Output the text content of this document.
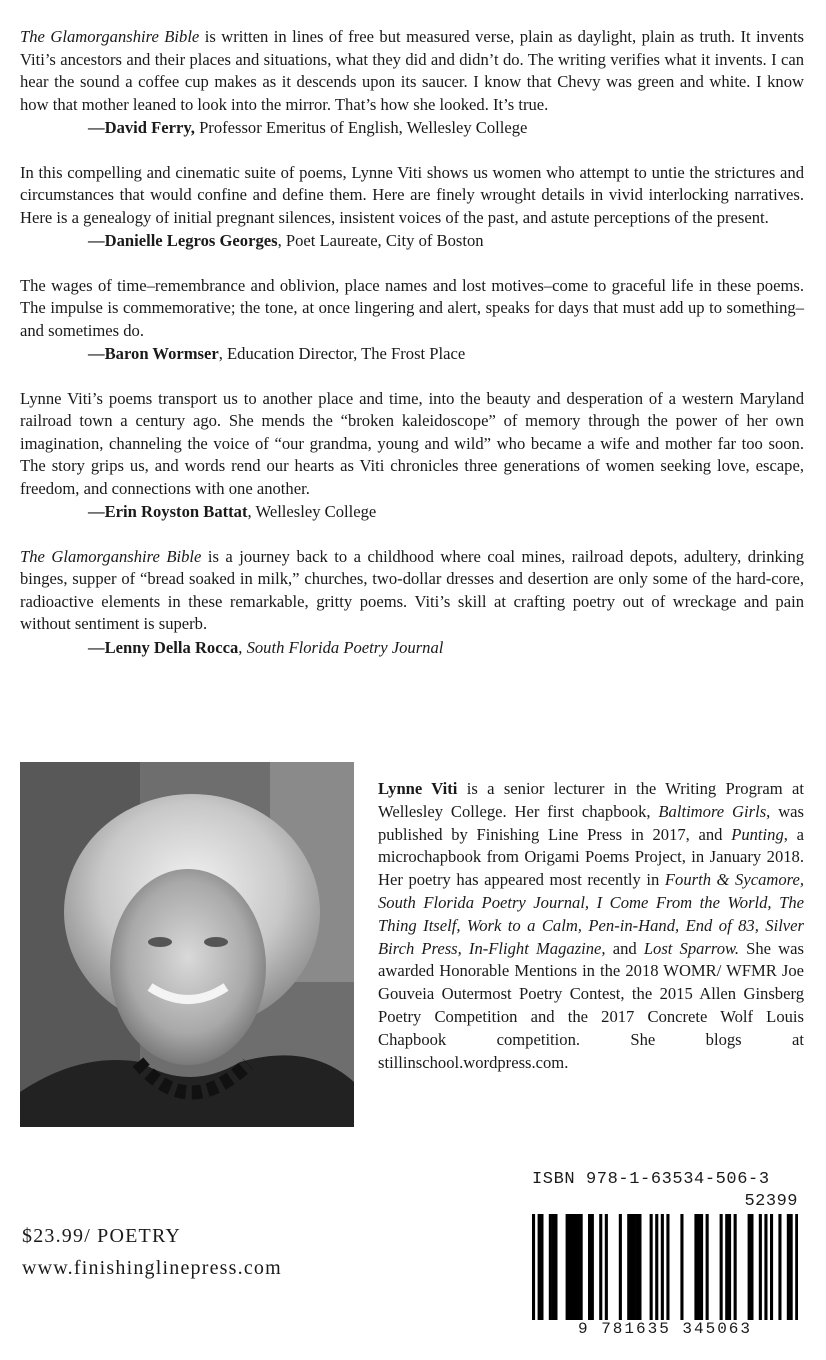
The Glamorganshire Bible is written in lines of free but measured verse, plain as daylight, plain as truth. It invents Viti’s ancestors and their places and situations, what they did and didn’t do. The writing verifies what it invents. I can hear the sound a coffee cup makes as it descends upon its saucer. I know that Chevy was green and white. I know how that mother leaned to look into the mirror. That’s how she looked. It’s true.

—David Ferry, Professor Emeritus of English, Wellesley College

In this compelling and cinematic suite of poems, Lynne Viti shows us women who attempt to untie the strictures and circumstances that would confine and define them. Here are finely wrought details in vivid interlocking narratives. Here is a genealogy of initial pregnant silences, insistent voices of the past, and astute perceptions of the present.

—Danielle Legros Georges, Poet Laureate, City of Boston

The wages of time–remembrance and oblivion, place names and lost motives–come to graceful life in these poems. The impulse is commemorative; the tone, at once lingering and alert, speaks for days that must add up to something–and sometimes do.

—Baron Wormser, Education Director, The Frost Place

Lynne Viti’s poems transport us to another place and time, into the beauty and desperation of a western Maryland railroad town a century ago. She mends the “broken kaleidoscope” of memory through the power of her own imagination, channeling the voice of “our grandma, young and wild” who became a wife and mother far too soon. The story grips us, and words rend our hearts as Viti chronicles three generations of women seeking love, escape, freedom, and connections with one another.

—Erin Royston Battat, Wellesley College

The Glamorganshire Bible is a journey back to a childhood where coal mines, railroad depots, adultery, drinking binges, supper of “bread soaked in milk,” churches, two-dollar dresses and desertion are only some of the hard-core, radioactive elements in these remarkable, gritty poems. Viti’s skill at crafting poetry out of wreckage and pain without sentiment is superb.

—Lenny Della Rocca, South Florida Poetry Journal

Lynne Viti is a senior lecturer in the Writing Program at Wellesley College. Her first chapbook, Baltimore Girls, was published by Finishing Line Press in 2017, and Punting, a microchapbook from Origami Poems Project, in January 2018. Her poetry has appeared most recently in Fourth & Sycamore, South Florida Poetry Journal, I Come From the World, The Thing Itself, Work to a Calm, Pen-in-Hand, End of 83, Silver Birch Press, In-Flight Magazine, and Lost Sparrow. She was awarded Honorable Mentions in the 2018 WOMR/ WFMR Joe Gouveia Outermost Poetry Contest, the 2015 Allen Ginsberg Poetry Competition and the 2017 Concrete Wolf Louis Chapbook competition. She blogs at stillinschool.wordpress.com.

$23.99/ POETRY
www.finishinglinepress.com
ISBN 978-1-63534-506-3
52399
9 781635 345063
